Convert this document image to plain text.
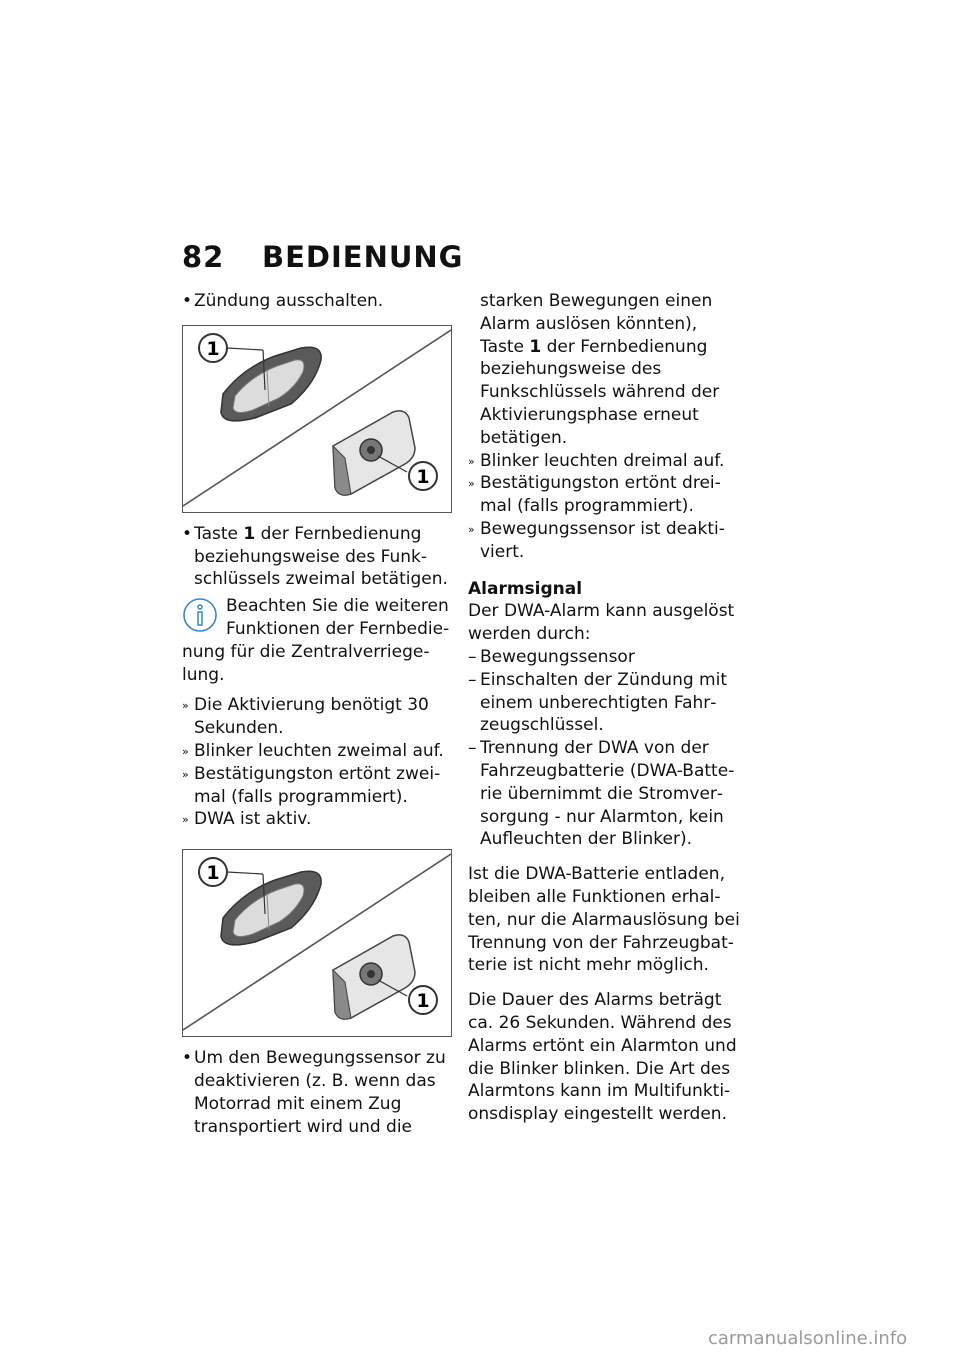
82 BEDIENUNG
• Zündung ausschalten.
1
1
• Taste 1 der Fernbedienung beziehungsweise des Funkschlüssels zweimal betätigen.
Beachten Sie die weiteren
Funktionen der Fernbedie-
nung für die Zentralverriegelung.
» Die Aktivierung benötigt 30 Sekunden.
» Blinker leuchten zweimal auf.
» Bestätigungston ertönt zweimal (falls programmiert).
» DWA ist aktiv.
1
1
• Um den Bewegungssensor zu deaktivieren (z. B. wenn das Motorrad mit einem Zug transportiert wird und die
starken Bewegungen einen Alarm auslösen könnten), Taste 1 der Fernbedienung beziehungsweise des Funkschlüssels während der Aktivierungsphase erneut betätigen.
» Blinker leuchten dreimal auf.
» Bestätigungston ertönt dreimal (falls programmiert).
» Bewegungssensor ist deaktiviert.
Alarmsignal
Der DWA-Alarm kann ausgelöst werden durch:
– Bewegungssensor
– Einschalten der Zündung mit einem unberechtigten Fahrzeugschlüssel.
– Trennung der DWA von der Fahrzeugbatterie (DWA-Batterie übernimmt die Stromversorgung - nur Alarmton, kein Aufleuchten der Blinker).
Ist die DWA-Batterie entladen, bleiben alle Funktionen erhalten, nur die Alarmauslösung bei Trennung von der Fahrzeugbatterie ist nicht mehr möglich.
Die Dauer des Alarms beträgt ca. 26 Sekunden. Während des Alarms ertönt ein Alarmton und die Blinker blinken. Die Art des Alarmtons kann im Multifunktionsdisplay eingestellt werden.
carmanualsonline.info
